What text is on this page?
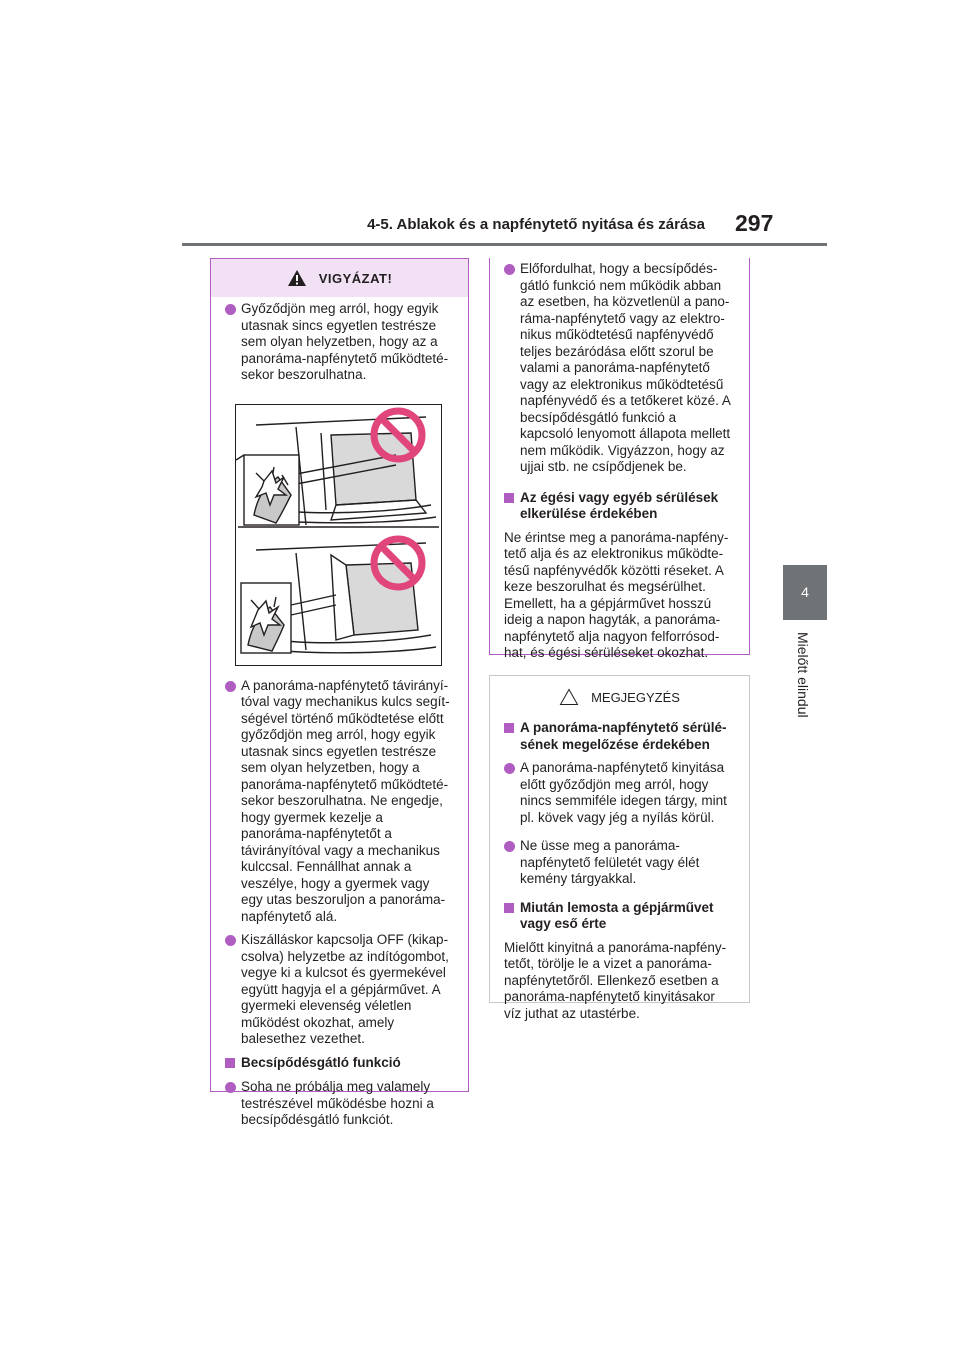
4-5. Ablakok és a napfénytető nyitása és zárása 297
4
Mielőtt elindul
VIGYÁZAT!
Győződjön meg arról, hogy egyik utasnak sincs egyetlen testrésze sem olyan helyzetben, hogy az a panoráma-napfénytető működtetésekor beszorulhatna.
A panoráma-napfénytető távirányítóval vagy mechanikus kulcs segítségével történő működtetése előtt győződjön meg arról, hogy egyik utasnak sincs egyetlen testrésze sem olyan helyzetben, hogy a panoráma-napfénytető működtetésekor beszorulhatna. Ne engedje, hogy gyermek kezelje a panoráma-napfénytetőt a távirányítóval vagy a mechanikus kulccsal. Fennállhat annak a veszélye, hogy a gyermek vagy egy utas beszoruljon a panoráma-napfénytető alá.
Kiszálláskor kapcsolja OFF (kikapcsolva) helyzetbe az indítógombot, vegye ki a kulcsot és gyermekével együtt hagyja el a gépjárművet. A gyermeki elevenség véletlen működést okozhat, amely balesethez vezethet.
Becsípődésgátló funkció
Soha ne próbálja meg valamely testrészével működésbe hozni a becsípődésgátló funkciót.
Előfordulhat, hogy a becsípődésgátló funkció nem működik abban az esetben, ha közvetlenül a panoráma-napfénytető vagy az elektronikus működtetésű napfényvédő teljes bezáródása előtt szorul be valami a panoráma-napfénytető vagy az elektronikus működtetésű napfényvédő és a tetőkeret közé. A becsípődésgátló funkció a kapcsoló lenyomott állapota mellett nem működik. Vigyázzon, hogy az ujjai stb. ne csípődjenek be.
Az égési vagy egyéb sérülések elkerülése érdekében
Ne érintse meg a panoráma-napfénytető alja és az elektronikus működtetésű napfényvédők közötti réseket. A keze beszorulhat és megsérülhet. Emellett, ha a gépjárművet hosszú ideig a napon hagyták, a panoráma-napfénytető alja nagyon felforrósodhat, és égési sérüléseket okozhat.
MEGJEGYZÉS
A panoráma-napfénytető sérülésének megelőzése érdekében
A panoráma-napfénytető kinyitása előtt győződjön meg arról, hogy nincs semmiféle idegen tárgy, mint pl. kövek vagy jég a nyílás körül.
Ne üsse meg a panoráma-napfénytető felületét vagy élét kemény tárgyakkal.
Miután lemosta a gépjárművet vagy eső érte
Mielőtt kinyitná a panoráma-napfénytetőt, törölje le a vizet a panoráma-napfénytetőről. Ellenkező esetben a panoráma-napfénytető kinyitásakor víz juthat az utastérbe.
